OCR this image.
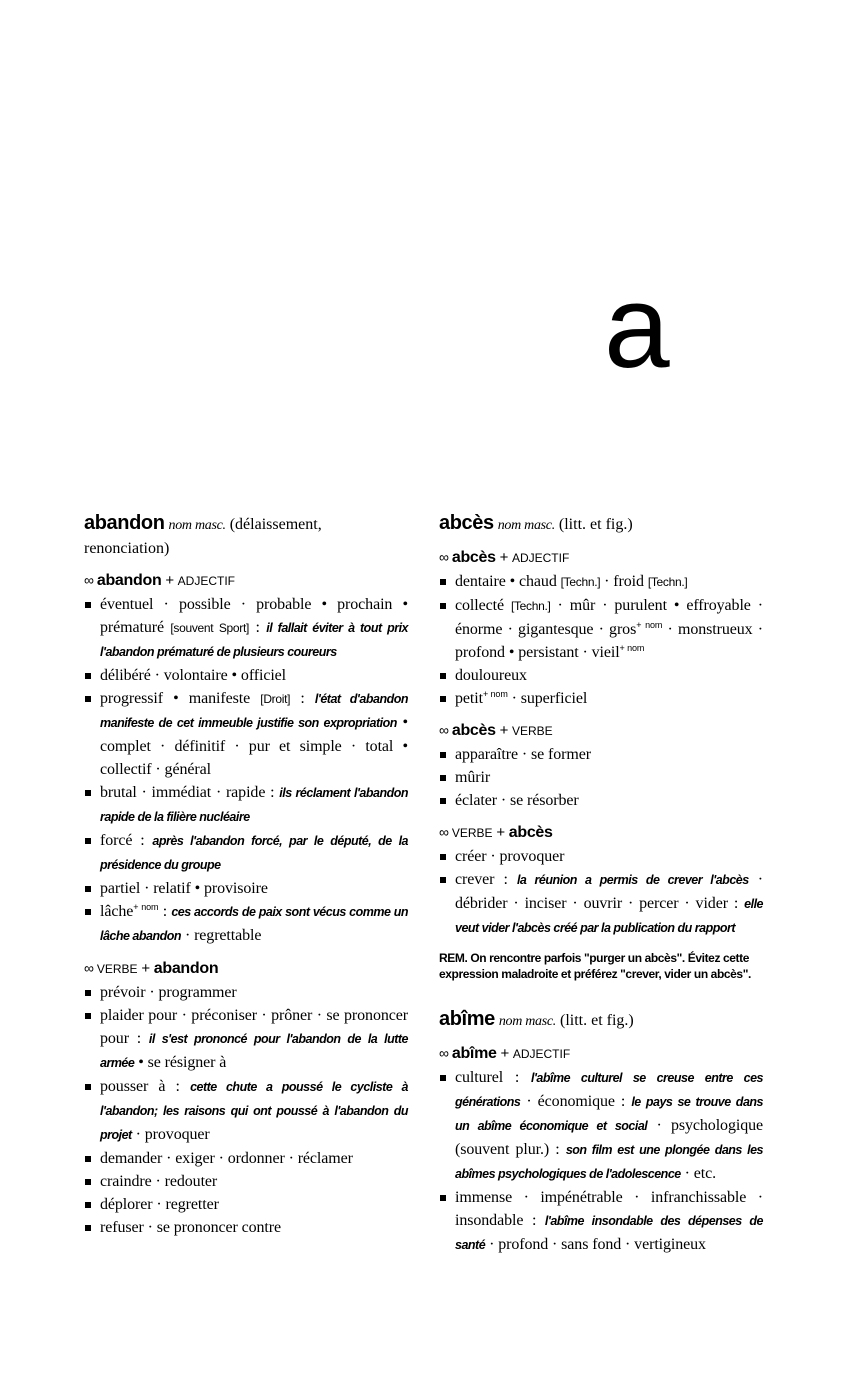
a

abandon nom masc. (délaissement, renonciation)

∞ abandon + ADJECTIF
éventuel · possible · probable • prochain • prématuré [souvent Sport] : il fallait éviter à tout prix l'abandon prématuré de plusieurs coureurs
délibéré · volontaire • officiel
progressif • manifeste [Droit] : l'état d'abandon manifeste de cet immeuble justifie son expropriation • complet · définitif · pur et simple · total • collectif · général
brutal · immédiat · rapide : ils réclament l'abandon rapide de la filière nucléaire
forcé : après l'abandon forcé, par le député, de la présidence du groupe
partiel · relatif • provisoire
lâche$^{+ nom}$ : ces accords de paix sont vécus comme un lâche abandon · regrettable
∞ VERBE + abandon
prévoir · programmer
plaider pour · préconiser · prôner · se prononcer pour : il s'est prononcé pour l'abandon de la lutte armée • se résigner à
pousser à : cette chute a poussé le cycliste à l'abandon; les raisons qui ont poussé à l'abandon du projet · provoquer
demander · exiger · ordonner · réclamer
craindre · redouter
déplorer · regretter
refuser · se prononcer contre

abcès nom masc. (litt. et fig.)

∞ abcès + ADJECTIF
dentaire • chaud [Techn.] · froid [Techn.]
collecté [Techn.] · mûr · purulent • effroyable · énorme · gigantesque · gros$^{+ nom}$ · monstrueux · profond • persistant · vieil$^{+ nom}$
douloureux
petit$^{+ nom}$ · superficiel
∞ abcès + VERBE
apparaître · se former
mûrir
éclater · se résorber
∞ VERBE + abcès
créer · provoquer
crever : la réunion a permis de crever l'abcès · débrider · inciser · ouvrir · percer · vider : elle veut vider l'abcès créé par la publication du rapport

REM. On rencontre parfois "purger un abcès". Évitez cette expression maladroite et préférez "crever, vider un abcès".

abîme nom masc. (litt. et fig.)

∞ abîme + ADJECTIF
culturel : l'abîme culturel se creuse entre ces générations · économique : le pays se trouve dans un abîme économique et social · psychologique (souvent plur.) : son film est une plongée dans les abîmes psychologiques de l'adolescence · etc.
immense · impénétrable · infranchissable · insondable : l'abîme insondable des dépenses de santé · profond · sans fond · vertigineux
